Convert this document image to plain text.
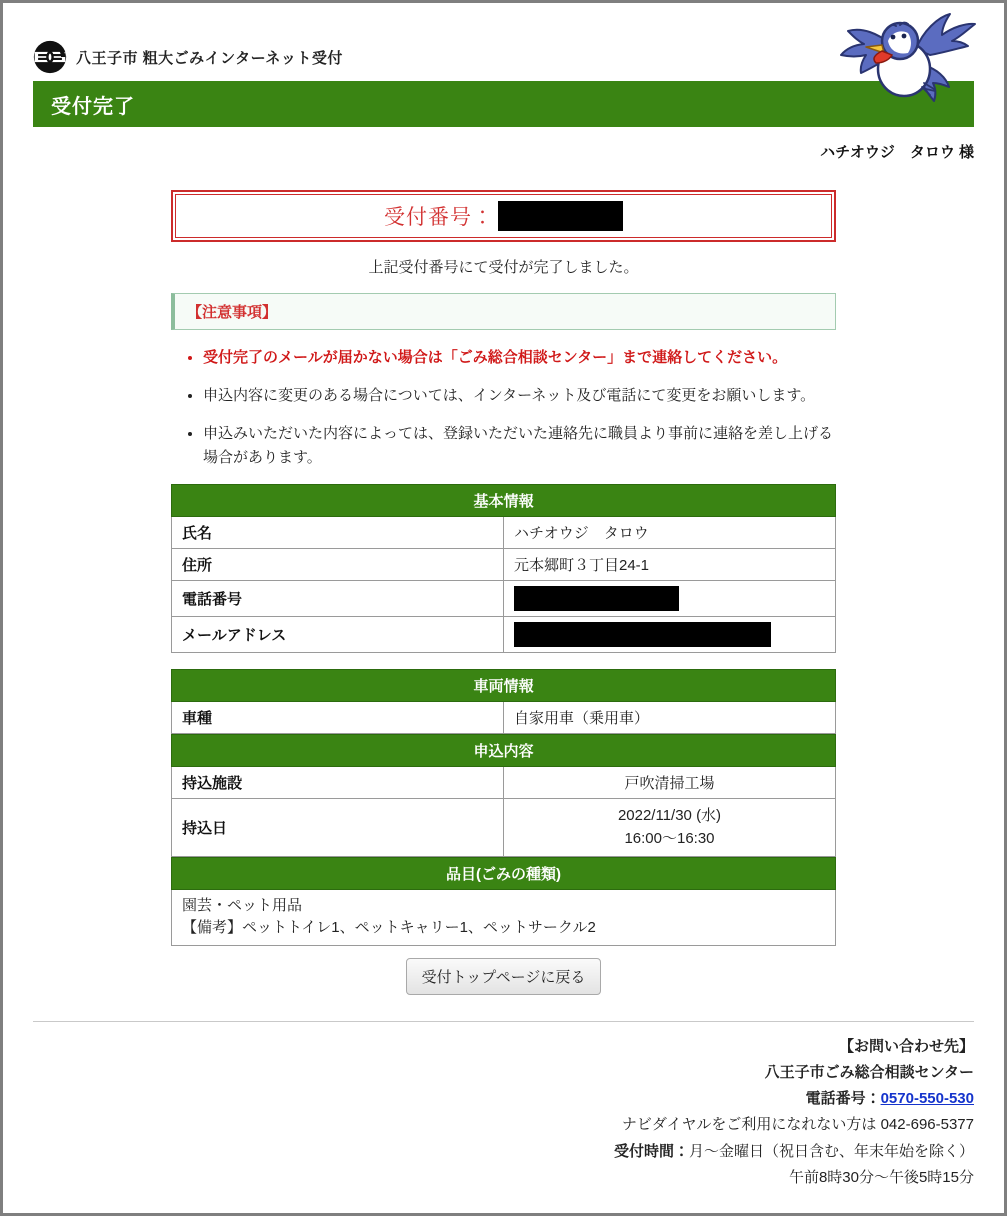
八王子市 粗大ごみインターネット受付
受付完了
ハチオウジ　タロウ 様
受付番号：
上記受付番号にて受付が完了しました。
【注意事項】
• 受付完了のメールが届かない場合は「ごみ総合相談センター」まで連絡してください。
• 申込内容に変更のある場合については、インターネット及び電話にて変更をお願いします。
• 申込みいただいた内容によっては、登録いただいた連絡先に職員より事前に連絡を差し上げる場合があります。
基本情報	
氏名	ハチオウジ　タロウ
住所	元本郷町３丁目24-1
電話番号	
メールアドレス	
車両情報
車種	自家用車（乗用車）
申込内容	
持込施設	戸吹清掃工場
持込日	2022/11/30 (水)
16:00～16:30
品目(ごみの種類)

園芸・ペット用品
【備考】ペットトイレ1、ペットキャリー1、ペットサークル2
受付トップページに戻る
【お問い合わせ先】
八王子市ごみ総合相談センター
電話番号：0570-550-530
ナビダイヤルをご利用になれない方は 042-696-5377
受付時間：月～金曜日（祝日含む、年末年始を除く）
午前8時30分～午後5時15分
